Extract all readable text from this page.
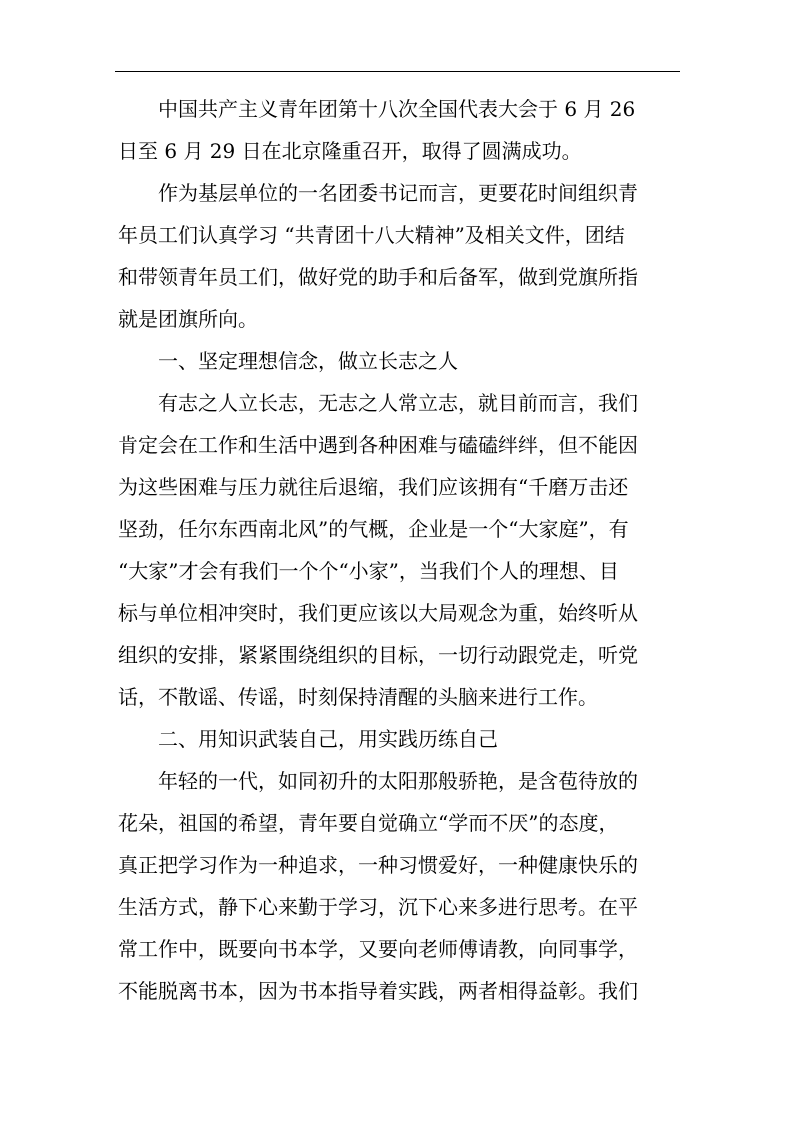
中国共产主义青年团第十八次全国代表大会于 6 月 26
日至 6 月 29 日在北京隆重召开，取得了圆满成功。
作为基层单位的一名团委书记而言，更要花时间组织青
年员工们认真学习 “共青团十八大精神”及相关文件，团结
和带领青年员工们，做好党的助手和后备军，做到党旗所指
就是团旗所向。
一、坚定理想信念，做立长志之人
有志之人立长志，无志之人常立志，就目前而言，我们
肯定会在工作和生活中遇到各种困难与磕磕绊绊，但不能因
为这些困难与压力就往后退缩，我们应该拥有“千磨万击还
坚劲，任尔东西南北风”的气概，企业是一个“大家庭”，有
“大家”才会有我们一个个“小家”，当我们个人的理想、目
标与单位相冲突时，我们更应该以大局观念为重，始终听从
组织的安排，紧紧围绕组织的目标，一切行动跟党走，听党
话，不散谣、传谣，时刻保持清醒的头脑来进行工作。
二、用知识武装自己，用实践历练自己
年轻的一代，如同初升的太阳那般骄艳，是含苞待放的
花朵，祖国的希望，青年要自觉确立“学而不厌”的态度，
真正把学习作为一种追求，一种习惯爱好，一种健康快乐的
生活方式，静下心来勤于学习，沉下心来多进行思考。在平
常工作中，既要向书本学，又要向老师傅请教，向同事学，
不能脱离书本，因为书本指导着实践，两者相得益彰。我们
